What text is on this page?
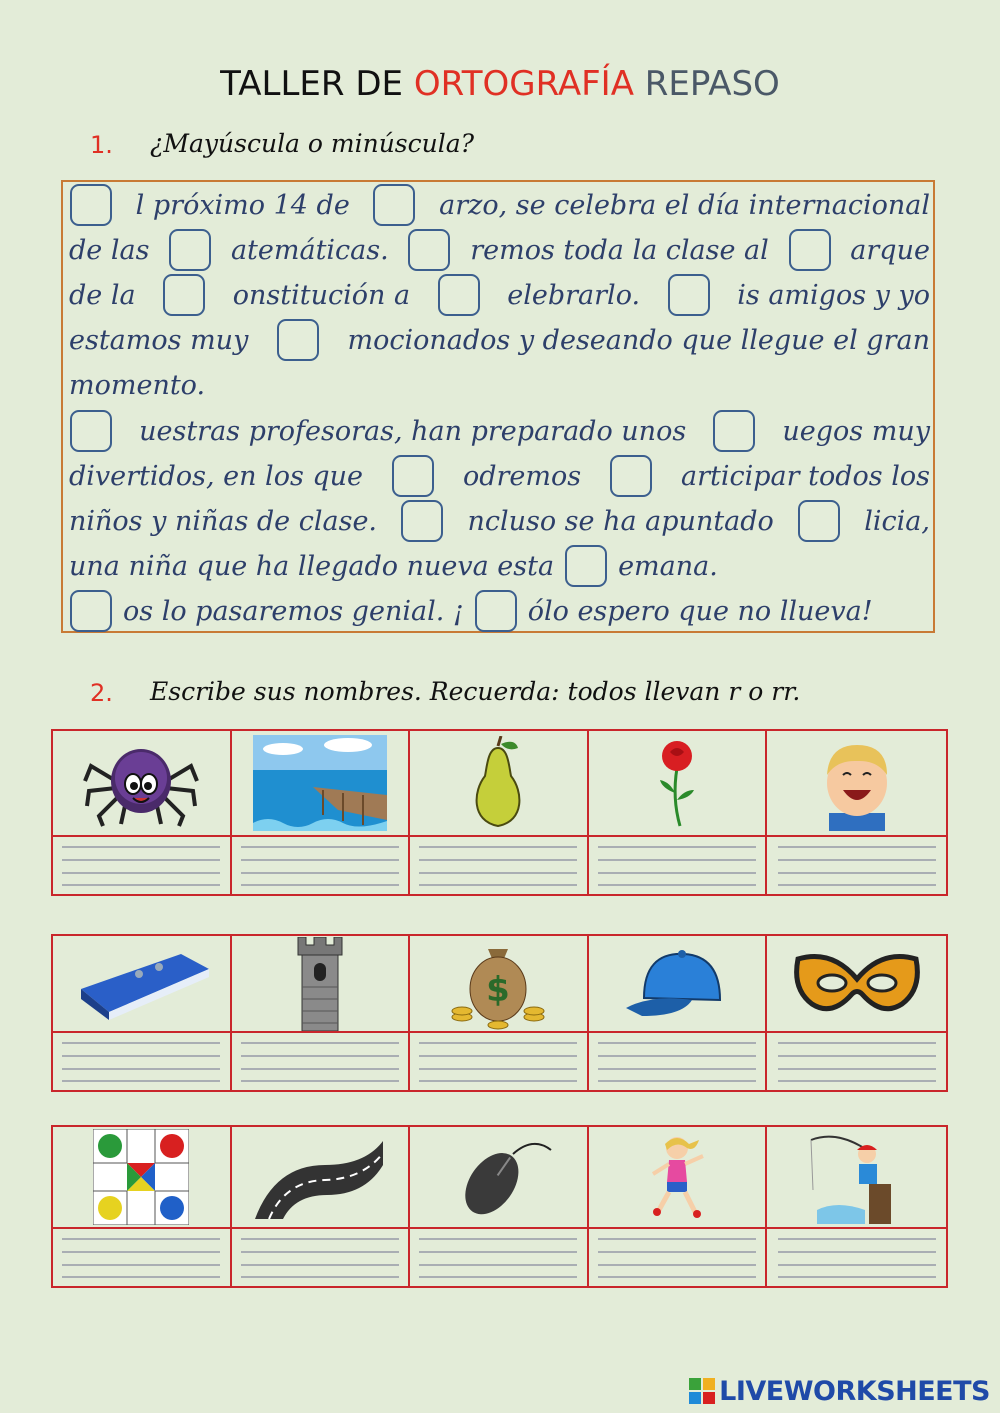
TALLER DE ORTOGRAFÍA REPASO
1. ¿Mayúscula o minúscula?
l próximo 14 de	arzo, se celebra el día internacional
de las	atemáticas.	remos toda la clase al	arque
de la	onstitución a	elebrarlo.	is amigos y yo
estamos muy	mocionados y deseando que llegue el gran
momento.
uestras profesoras, han preparado unos	uegos muy
divertidos, en los que	odremos	articipar todos los
niños y niñas de clase.	ncluso se ha apuntado	licia,
una niña que ha llegado nueva esta emana.
os lo pasaremos genial. ¡ ólo espero que no llueva!
2. Escribe sus nombres. Recuerda: todos llevan r o rr.
$
LIVEWORKSHEETS
